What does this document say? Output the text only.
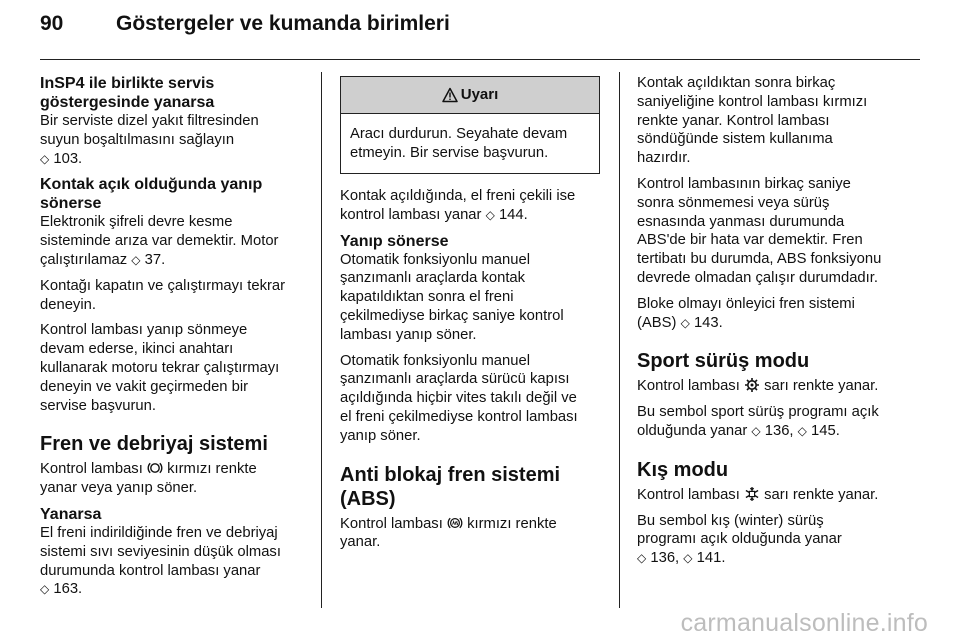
90	Göstergeler ve kumanda birimleri

InSP4 ile birlikte servis
göstergesinde yanarsa

Bir serviste dizel yakıt filtresinden
suyun boşaltılmasını sağlayın
◇ 103.

Kontak açık olduğunda yanıp
sönerse

Elektronik şifreli devre kesme
sisteminde arıza var demektir. Motor
çalıştırılamaz ◇ 37.

Kontağı kapatın ve çalıştırmayı tekrar
deneyin.

Kontrol lambası yanıp sönmeye
devam ederse, ikinci anahtarı
kullanarak motoru tekrar çalıştırmayı
deneyin ve vakit geçirmeden bir
servise başvurun.

Fren ve debriyaj sistemi

Kontrol lambası kırmızı renkte
yanar veya yanıp söner.

Yanarsa

El freni indirildiğinde fren ve debriyaj
sistemi sıvı seviyesinin düşük olması
durumunda kontrol lambası yanar
◇ 163.

Uyarı
Aracı durdurun. Seyahate devam
etmeyin. Bir servise başvurun.

Kontak açıldığında, el freni çekili ise
kontrol lambası yanar ◇ 144.

Yanıp sönerse

Otomatik fonksiyonlu manuel
şanzımanlı araçlarda kontak
kapatıldıktan sonra el freni
çekilmediyse birkaç saniye kontrol
lambası yanıp söner.

Otomatik fonksiyonlu manuel
şanzımanlı araçlarda sürücü kapısı
açıldığında hiçbir vites takılı değil ve
el freni çekilmediyse kontrol lambası
yanıp söner.

Anti blokaj fren sistemi (ABS)

Kontrol lambası kırmızı renkte
yanar.

Kontak açıldıktan sonra birkaç
saniyeliğine kontrol lambası kırmızı
renkte yanar. Kontrol lambası
söndüğünde sistem kullanıma
hazırdır.

Kontrol lambasının birkaç saniye
sonra sönmemesi veya sürüş
esnasında yanması durumunda
ABS'de bir hata var demektir. Fren
tertibatı bu durumda, ABS fonksiyonu
devrede olmadan çalışır durumdadır.

Bloke olmayı önleyici fren sistemi
(ABS) ◇ 143.

Sport sürüş modu

Kontrol lambası sarı renkte yanar.

Bu sembol sport sürüş programı açık
olduğunda yanar ◇ 136, ◇ 145.

Kış modu

Kontrol lambası sarı renkte yanar.

Bu sembol kış (winter) sürüş
programı açık olduğunda yanar
◇ 136, ◇ 141.

carmanualsonline.info
